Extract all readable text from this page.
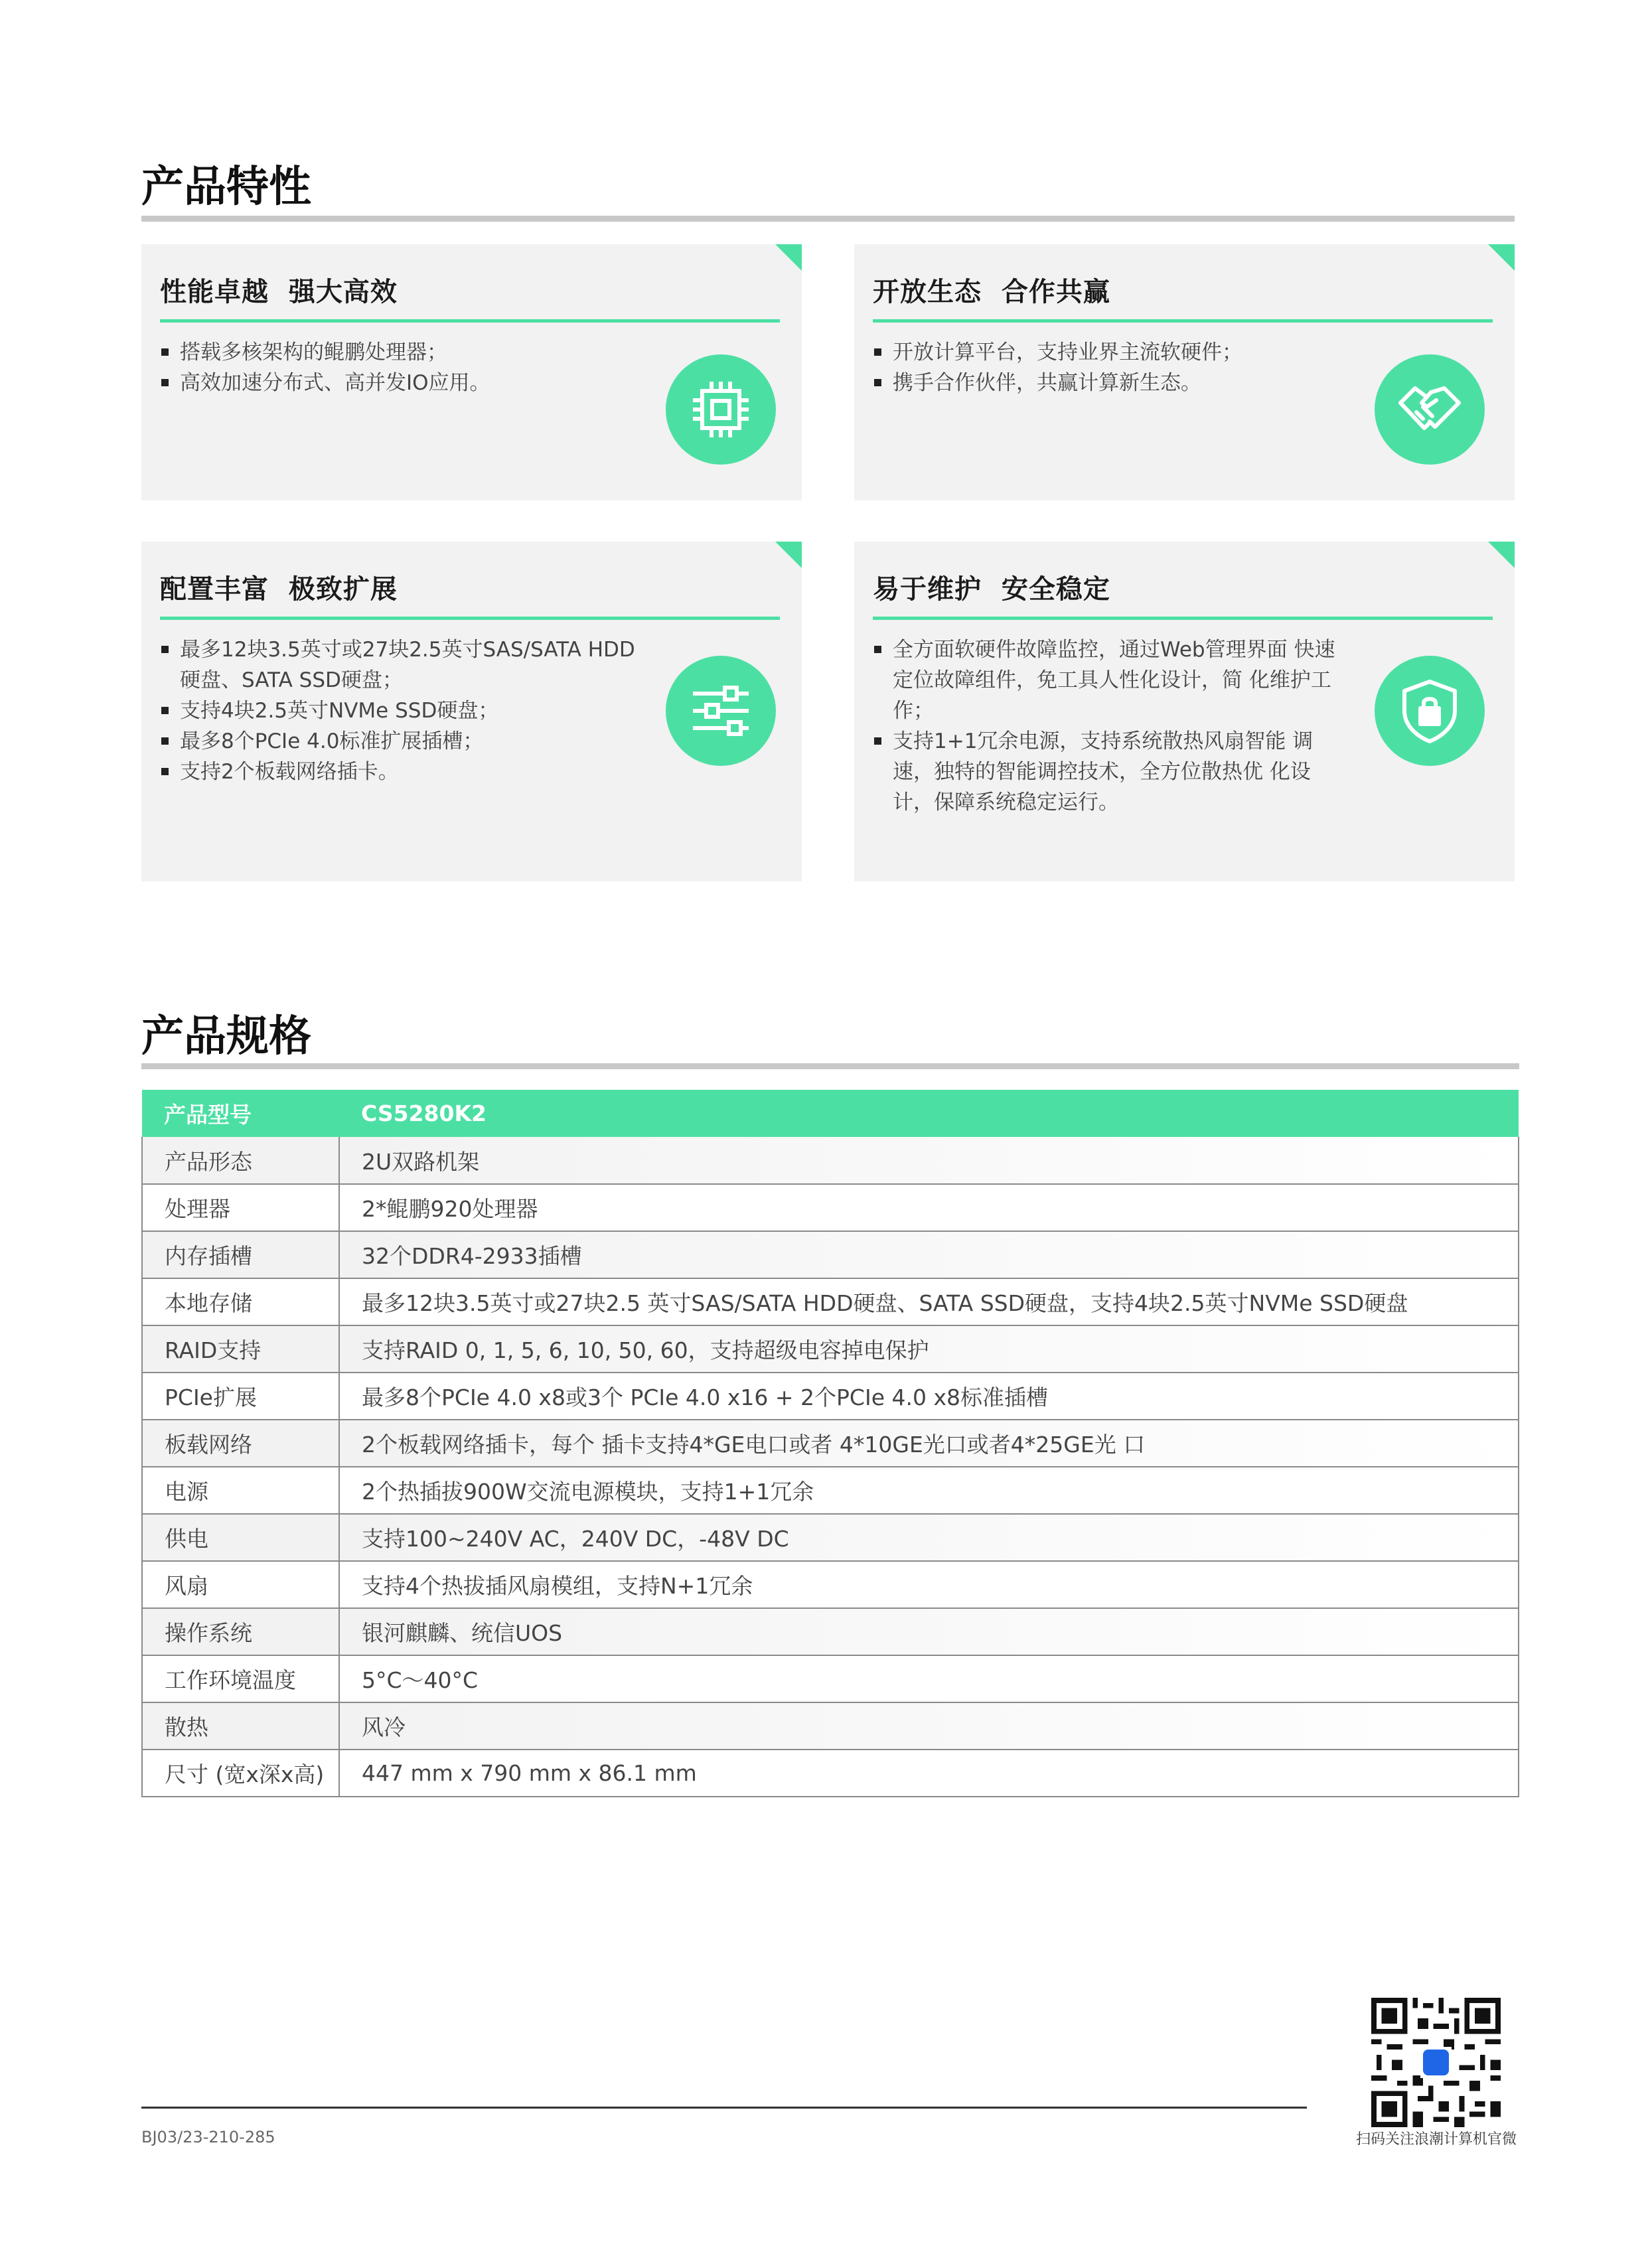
产品特性
性能卓越  强大高效
搭载多核架构的鲲鹏处理器；
高效加速分布式、高并发IO应用。
开放生态  合作共赢
开放计算平台，支持业界主流软硬件；
携手合作伙伴，共赢计算新生态。
配置丰富  极致扩展
最多12块3.5英寸或27块2.5英寸SAS/SATA HDD硬盘、SATA SSD硬盘；
支持4块2.5英寸NVMe SSD硬盘；
最多8个PCIe 4.0标准扩展插槽；
支持2个板载网络插卡。
易于维护  安全稳定
全方面软硬件故障监控，通过Web管理界面 快速定位故障组件，免工具人性化设计，简 化维护工作；
支持1+1冗余电源，支持系统散热风扇智能 调速，独特的智能调控技术，全方位散热优 化设计，保障系统稳定运行。
产品规格
产品型号	CS5280K2
产品形态	2U双路机架
处理器	2*鲲鹏920处理器
内存插槽	32个DDR4-2933插槽
本地存储	最多12块3.5英寸或27块2.5 英寸SAS/SATA HDD硬盘、SATA SSD硬盘，支持4块2.5英寸NVMe SSD硬盘
RAID支持	支持RAID 0, 1, 5, 6, 10, 50, 60，支持超级电容掉电保护
PCIe扩展	最多8个PCIe 4.0 x8或3个 PCIe 4.0 x16 + 2个PCIe 4.0 x8标准插槽
板载网络	2个板载网络插卡，每个 插卡支持4*GE电口或者 4*10GE光口或者4*25GE光 口
电源	2个热插拔900W交流电源模块，支持1+1冗余
供电	支持100~240V AC，240V DC，-48V DC
风扇	支持4个热拔插风扇模组，支持N+1冗余
操作系统	银河麒麟、统信UOS
工作环境温度	5°C～40°C
散热	风冷
尺寸 (宽x深x高)	447 mm x 790 mm x 86.1 mm
BJ03/23-210-285	扫码关注浪潮计算机官微
